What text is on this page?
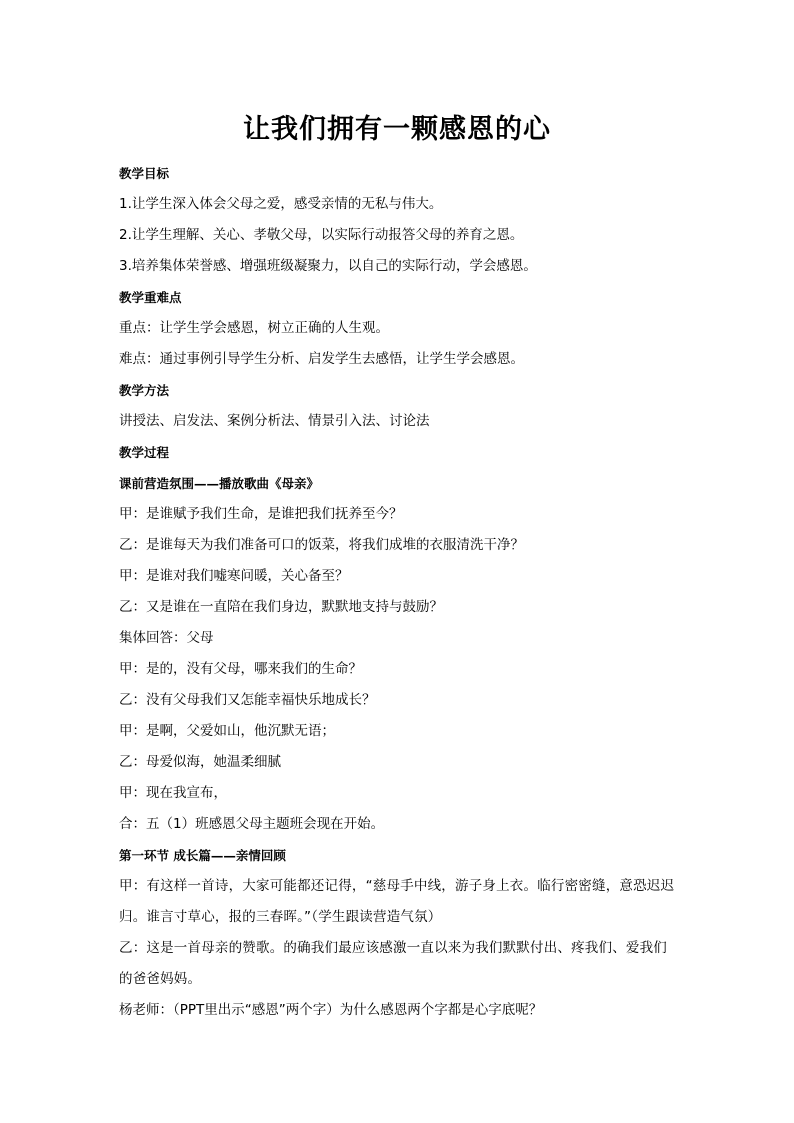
让我们拥有一颗感恩的心
教学目标
1.让学生深入体会父母之爱，感受亲情的无私与伟大。
2.让学生理解、关心、孝敬父母，以实际行动报答父母的养育之恩。
3.培养集体荣誉感、增强班级凝聚力，以自己的实际行动，学会感恩。
教学重难点
重点：让学生学会感恩，树立正确的人生观。
难点：通过事例引导学生分析、启发学生去感悟，让学生学会感恩。
教学方法
讲授法、启发法、案例分析法、情景引入法、讨论法
教学过程
课前营造氛围——播放歌曲《母亲》
甲：是谁赋予我们生命，是谁把我们抚养至今？
乙：是谁每天为我们准备可口的饭菜，将我们成堆的衣服清洗干净？
甲：是谁对我们嘘寒问暖，关心备至？
乙：又是谁在一直陪在我们身边，默默地支持与鼓励？
集体回答：父母
甲：是的，没有父母，哪来我们的生命？
乙：没有父母我们又怎能幸福快乐地成长？
甲：是啊，父爱如山，他沉默无语；
乙：母爱似海，她温柔细腻
甲：现在我宣布，
合：五（1）班感恩父母主题班会现在开始。
第一环节 成长篇——亲情回顾
甲：有这样一首诗，大家可能都还记得，“慈母手中线，游子身上衣。临行密密缝，意恐迟迟归。谁言寸草心，报的三春晖。”（学生跟读营造气氛）
乙：这是一首母亲的赞歌。的确我们最应该感激一直以来为我们默默付出、疼我们、爱我们的爸爸妈妈。
杨老师：（PPT里出示“感恩”两个字）为什么感恩两个字都是心字底呢？
